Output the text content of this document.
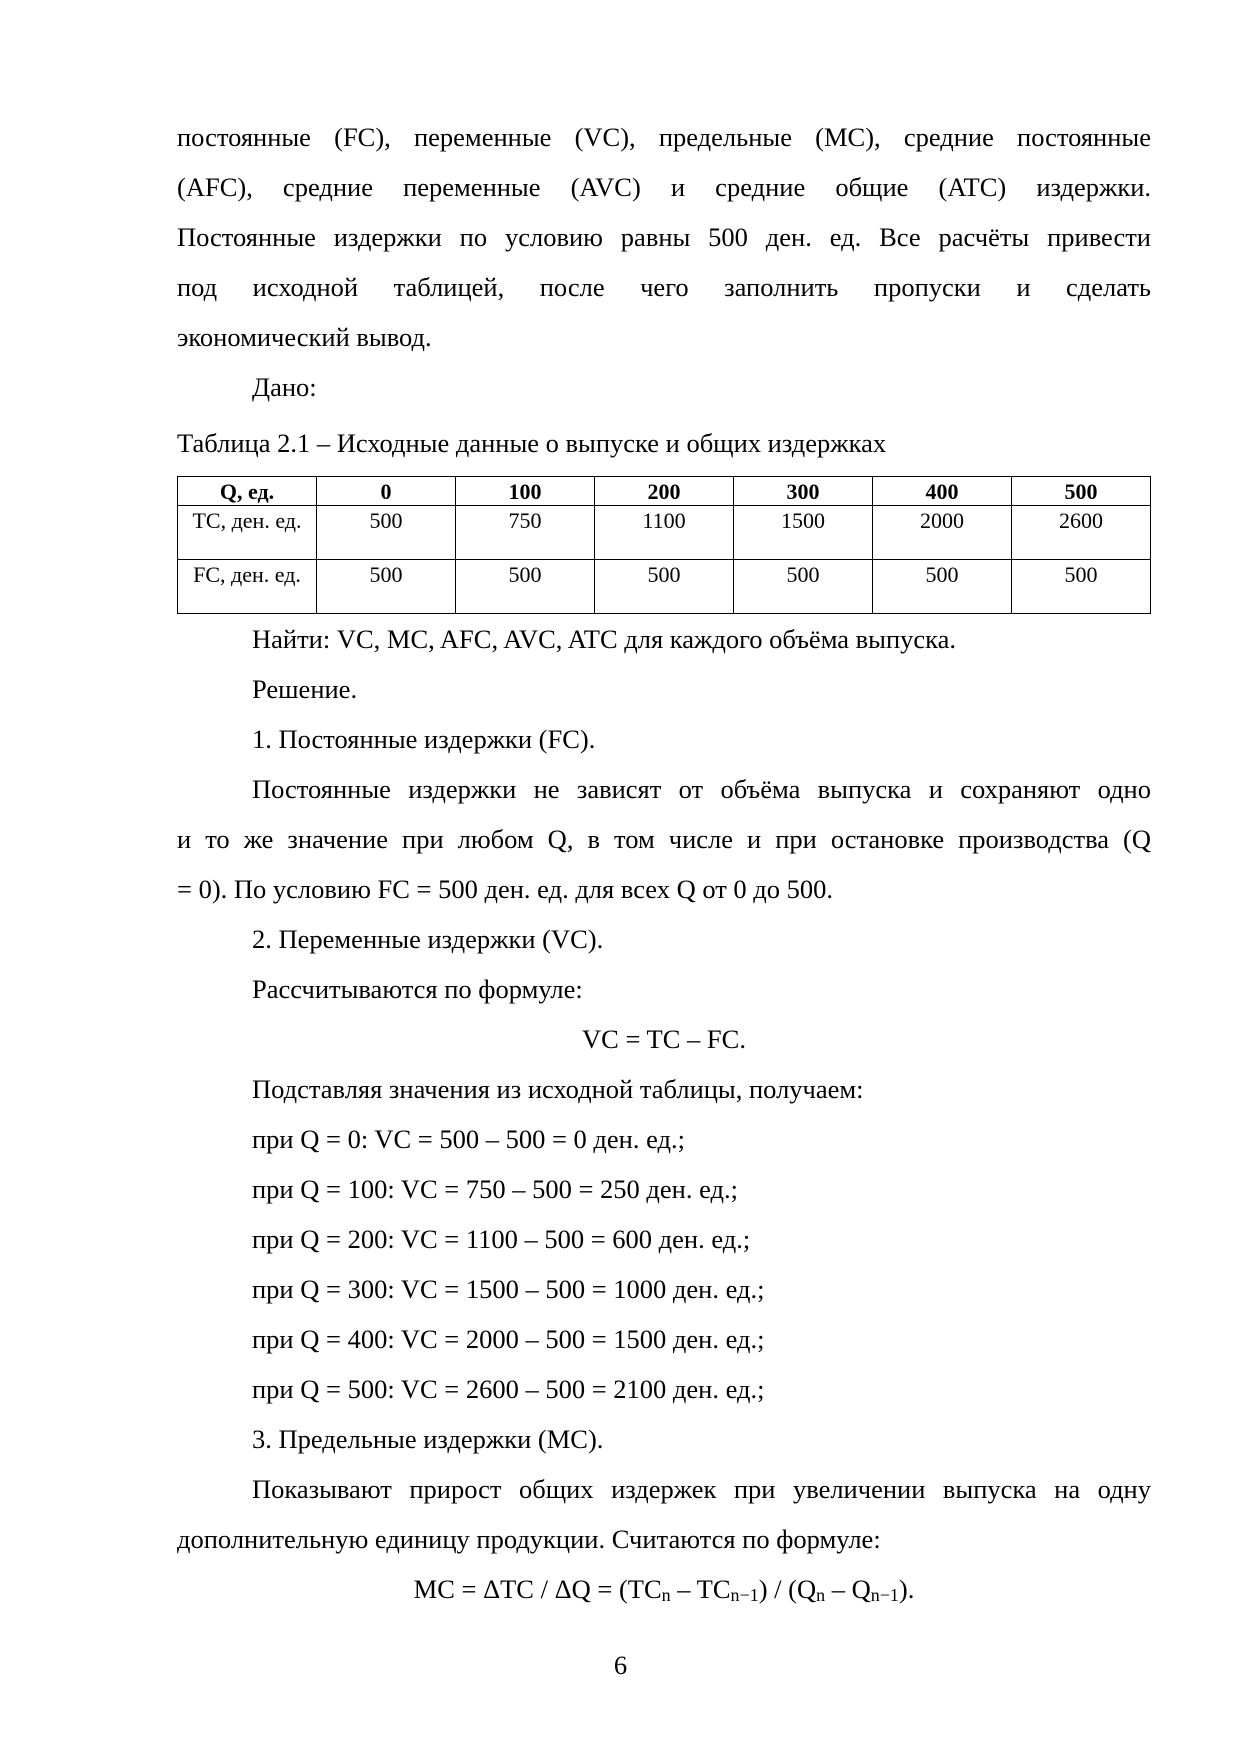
постоянные (FC), переменные (VC), предельные (MC), средние постоянные

(AFC), средние переменные (AVC) и средние общие (ATC) издержки.

Постоянные издержки по условию равны 500 ден. ед. Все расчёты привести

под исходной таблицей, после чего заполнить пропуски и сделать

экономический вывод.

Дано:

Таблица 2.1 – Исходные данные о выпуске и общих издержках

Q, ед.	0	100	200	300	400	500
TC, ден. ед.	500	750	1100	1500	2000	2600
FC, ден. ед.	500	500	500	500	500	500

Найти: VC, MC, AFC, AVC, ATC для каждого объёма выпуска.

Решение.

1. Постоянные издержки (FC).

Постоянные издержки не зависят от объёма выпуска и сохраняют одно

и то же значение при любом Q, в том числе и при остановке производства (Q

= 0). По условию FC = 500 ден. ед. для всех Q от 0 до 500.

2. Переменные издержки (VC).

Рассчитываются по формуле:

VC = TC – FC.

Подставляя значения из исходной таблицы, получаем:

при Q = 0: VC = 500 – 500 = 0 ден. ед.;

при Q = 100: VC = 750 – 500 = 250 ден. ед.;

при Q = 200: VC = 1100 – 500 = 600 ден. ед.;

при Q = 300: VC = 1500 – 500 = 1000 ден. ед.;

при Q = 400: VC = 2000 – 500 = 1500 ден. ед.;

при Q = 500: VC = 2600 – 500 = 2100 ден. ед.;

3. Предельные издержки (MC).

Показывают прирост общих издержек при увеличении выпуска на одну

дополнительную единицу продукции. Считаются по формуле:

MC = ΔTC / ΔQ = (TCn – TCn−1) / (Qn – Qn−1).

6
